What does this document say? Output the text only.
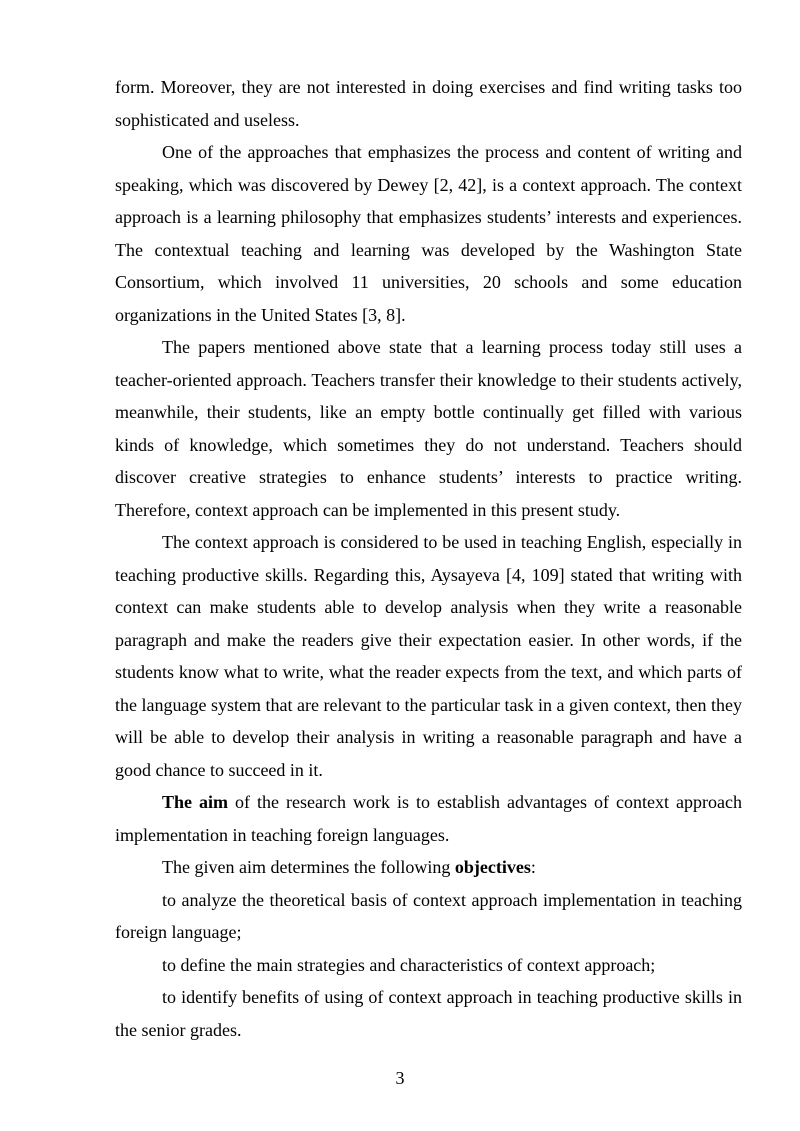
form. Moreover, they are not interested in doing exercises and find writing tasks too sophisticated and useless.

One of the approaches that emphasizes the process and content of writing and speaking, which was discovered by Dewey [2, 42], is a context approach. The context approach is a learning philosophy that emphasizes students’ interests and experiences. The contextual teaching and learning was developed by the Washington State Consortium, which involved 11 universities, 20 schools and some education organizations in the United States [3, 8].

The papers mentioned above state that a learning process today still uses a teacher-oriented approach. Teachers transfer their knowledge to their students actively, meanwhile, their students, like an empty bottle continually get filled with various kinds of knowledge, which sometimes they do not understand. Teachers should discover creative strategies to enhance students’ interests to practice writing. Therefore, context approach can be implemented in this present study.

The context approach is considered to be used in teaching English, especially in teaching productive skills. Regarding this, Aysayeva [4, 109] stated that writing with context can make students able to develop analysis when they write a reasonable paragraph and make the readers give their expectation easier. In other words, if the students know what to write, what the reader expects from the text, and which parts of the language system that are relevant to the particular task in a given context, then they will be able to develop their analysis in writing a reasonable paragraph and have a good chance to succeed in it.

The aim of the research work is to establish advantages of context approach implementation in teaching foreign languages.

The given aim determines the following objectives:

to analyze the theoretical basis of context approach implementation in teaching foreign language;

to define the main strategies and characteristics of context approach;

to identify benefits of using of context approach in teaching productive skills in the senior grades.

3
